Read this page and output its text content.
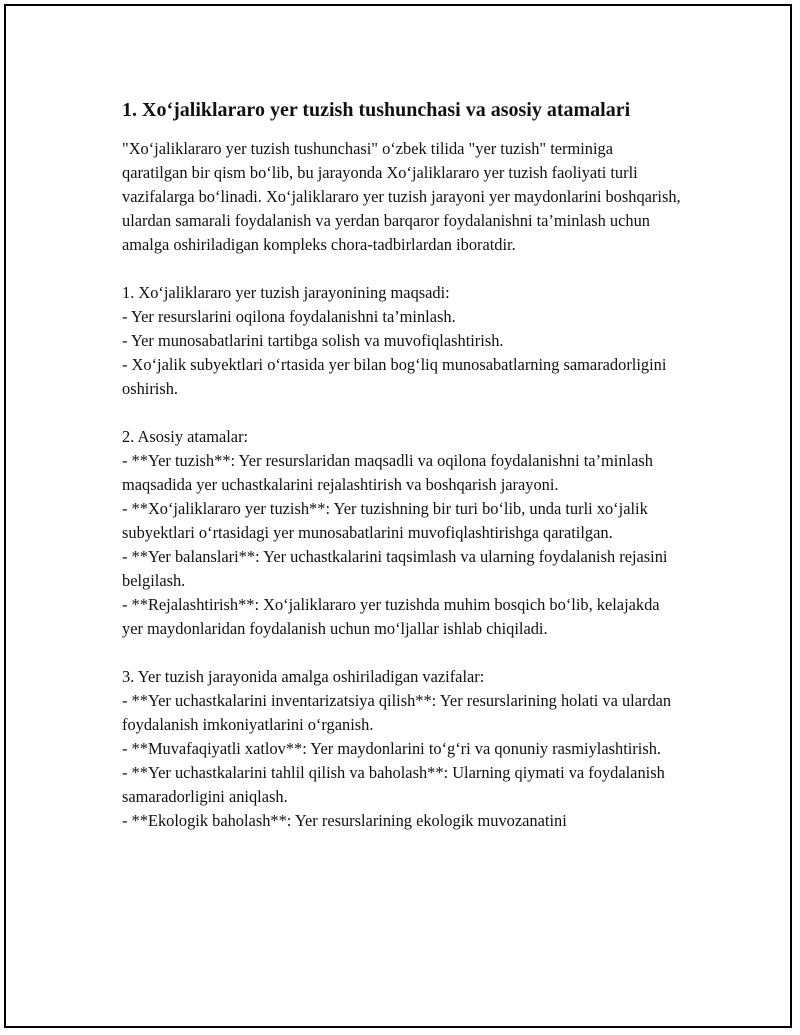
1. Xo‘jaliklararo yer tuzish tushunchasi va asosiy atamalari

"Xo‘jaliklararo yer tuzish tushunchasi" o‘zbek tilida "yer tuzish" terminiga qaratilgan bir qism bo‘lib, bu jarayonda Xo‘jaliklararo yer tuzish faoliyati turli vazifalarga bo‘linadi. Xo‘jaliklararo yer tuzish jarayoni yer maydonlarini boshqarish, ulardan samarali foydalanish va yerdan barqaror foydalanishni ta’minlash uchun amalga oshiriladigan kompleks chora-tadbirlardan iboratdir.

1. Xo‘jaliklararo yer tuzish jarayonining maqsadi:
- Yer resurslarini oqilona foydalanishni ta’minlash.
- Yer munosabatlarini tartibga solish va muvofiqlashtirish.
- Xo‘jalik subyektlari o‘rtasida yer bilan bog‘liq munosabatlarning samaradorligini oshirish.

2. Asosiy atamalar:
- **Yer tuzish**: Yer resurslaridan maqsadli va oqilona foydalanishni ta’minlash maqsadida yer uchastkalarini rejalashtirish va boshqarish jarayoni.
- **Xo‘jaliklararo yer tuzish**: Yer tuzishning bir turi bo‘lib, unda turli xo‘jalik subyektlari o‘rtasidagi yer munosabatlarini muvofiqlashtirishga qaratilgan.
- **Yer balanslari**: Yer uchastkalarini taqsimlash va ularning foydalanish rejasini belgilash.
- **Rejalashtirish**: Xo‘jaliklararo yer tuzishda muhim bosqich bo‘lib, kelajakda yer maydonlaridan foydalanish uchun mo‘ljallar ishlab chiqiladi.

3. Yer tuzish jarayonida amalga oshiriladigan vazifalar:
- **Yer uchastkalarini inventarizatsiya qilish**: Yer resurslarining holati va ulardan foydalanish imkoniyatlarini o‘rganish.
- **Muvafaqiyatli xatlov**: Yer maydonlarini to‘g‘ri va qonuniy rasmiylashtirish.
- **Yer uchastkalarini tahlil qilish va baholash**: Ularning qiymati va foydalanish samaradorligini aniqlash.
- **Ekologik baholash**: Yer resurslarining ekologik muvozanatini
